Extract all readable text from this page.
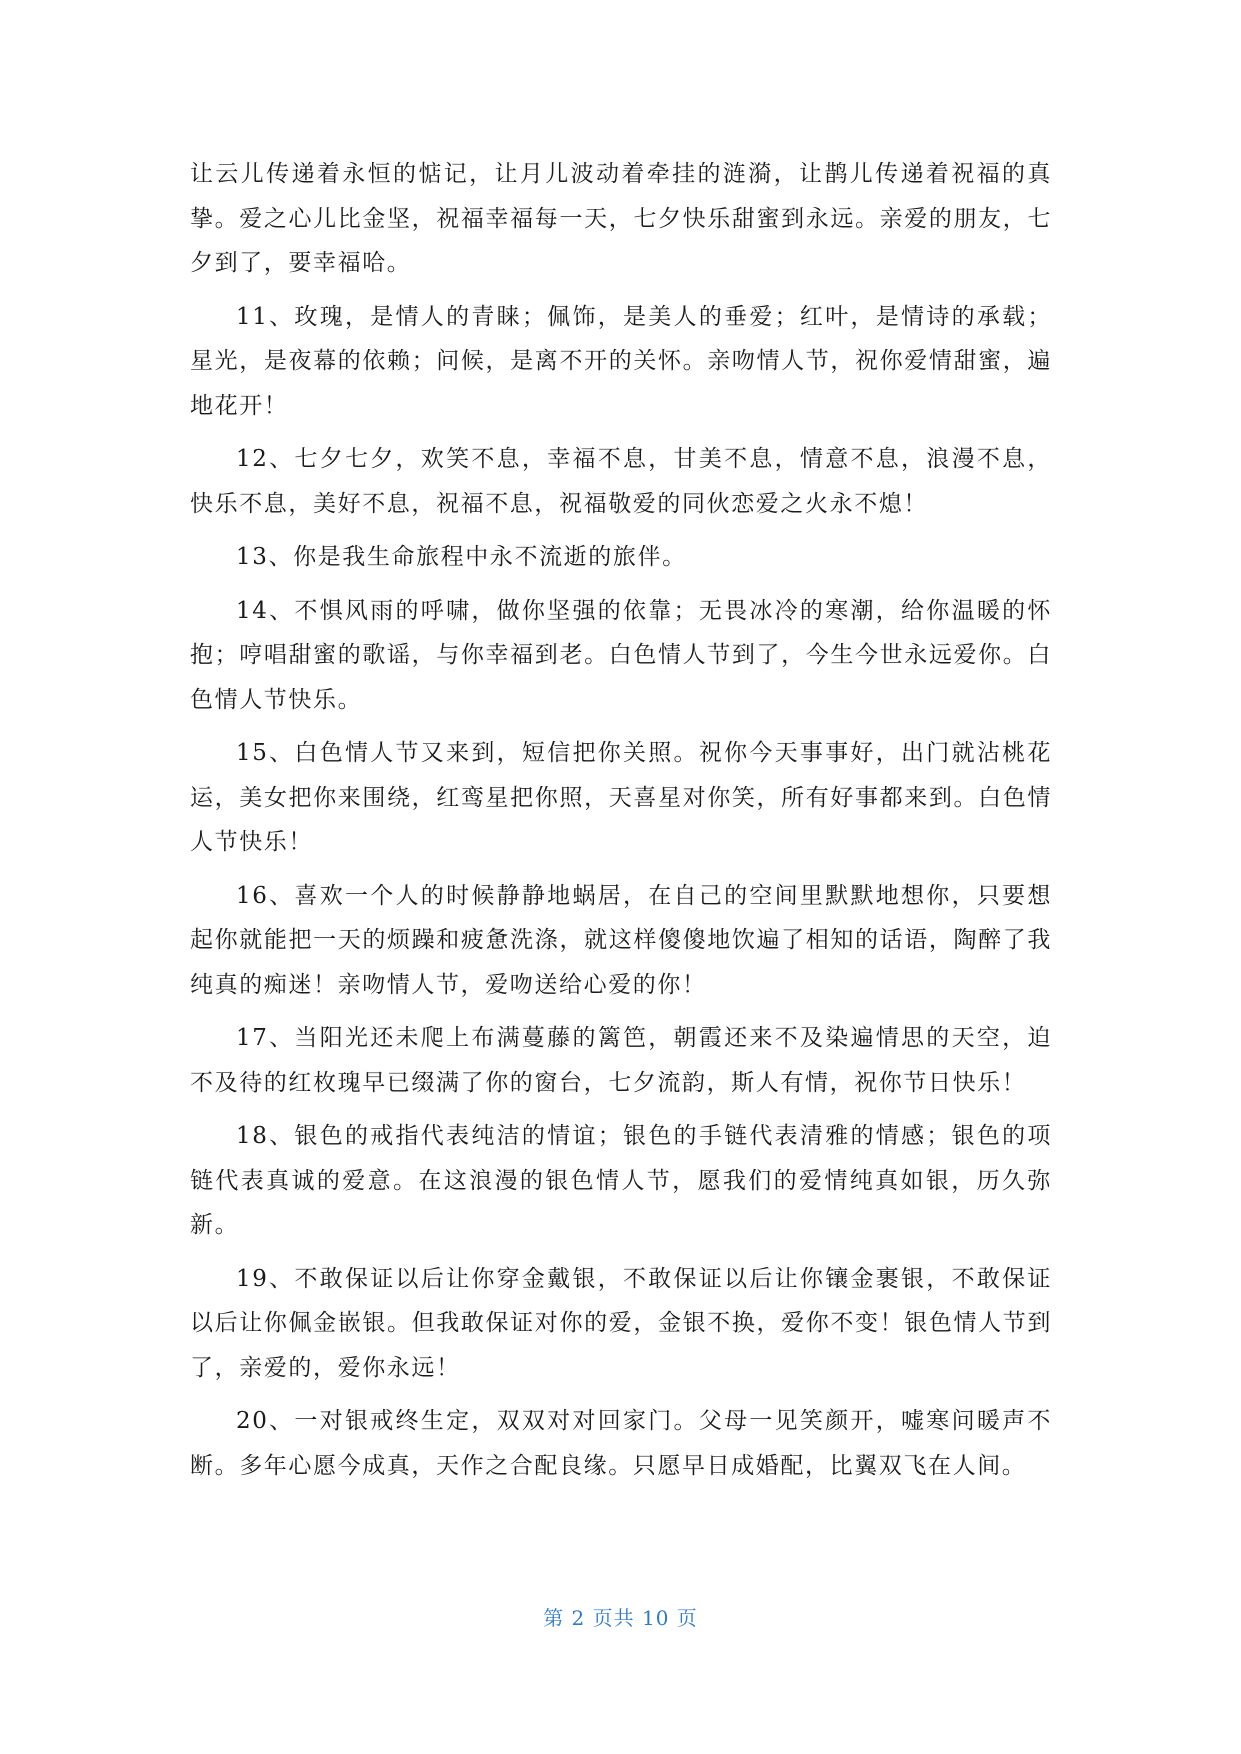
让云儿传递着永恒的惦记，让月儿波动着牵挂的涟漪，让鹊儿传递着祝福的真挚。爱之心儿比金坚，祝福幸福每一天，七夕快乐甜蜜到永远。亲爱的朋友，七夕到了，要幸福哈。

11、玫瑰，是情人的青睐；佩饰，是美人的垂爱；红叶，是情诗的承载；星光，是夜幕的依赖；问候，是离不开的关怀。亲吻情人节，祝你爱情甜蜜，遍地花开！

12、七夕七夕，欢笑不息，幸福不息，甘美不息，情意不息，浪漫不息，快乐不息，美好不息，祝福不息，祝福敬爱的同伙恋爱之火永不熄！

13、你是我生命旅程中永不流逝的旅伴。

14、不惧风雨的呼啸，做你坚强的依靠；无畏冰冷的寒潮，给你温暖的怀抱；哼唱甜蜜的歌谣，与你幸福到老。白色情人节到了，今生今世永远爱你。白色情人节快乐。

15、白色情人节又来到，短信把你关照。祝你今天事事好，出门就沾桃花运，美女把你来围绕，红鸾星把你照，天喜星对你笑，所有好事都来到。白色情人节快乐！

16、喜欢一个人的时候静静地蜗居，在自己的空间里默默地想你，只要想起你就能把一天的烦躁和疲惫洗涤，就这样傻傻地饮遍了相知的话语，陶醉了我纯真的痴迷！亲吻情人节，爱吻送给心爱的你！

17、当阳光还未爬上布满蔓藤的篱笆，朝霞还来不及染遍情思的天空，迫不及待的红枚瑰早已缀满了你的窗台，七夕流韵，斯人有情，祝你节日快乐！

18、银色的戒指代表纯洁的情谊；银色的手链代表清雅的情感；银色的项链代表真诚的爱意。在这浪漫的银色情人节，愿我们的爱情纯真如银，历久弥新。

19、不敢保证以后让你穿金戴银，不敢保证以后让你镶金裹银，不敢保证以后让你佩金嵌银。但我敢保证对你的爱，金银不换，爱你不变！银色情人节到了，亲爱的，爱你永远！

20、一对银戒终生定，双双对对回家门。父母一见笑颜开，嘘寒问暖声不断。多年心愿今成真，天作之合配良缘。只愿早日成婚配，比翼双飞在人间。

第 2 页共 10 页
